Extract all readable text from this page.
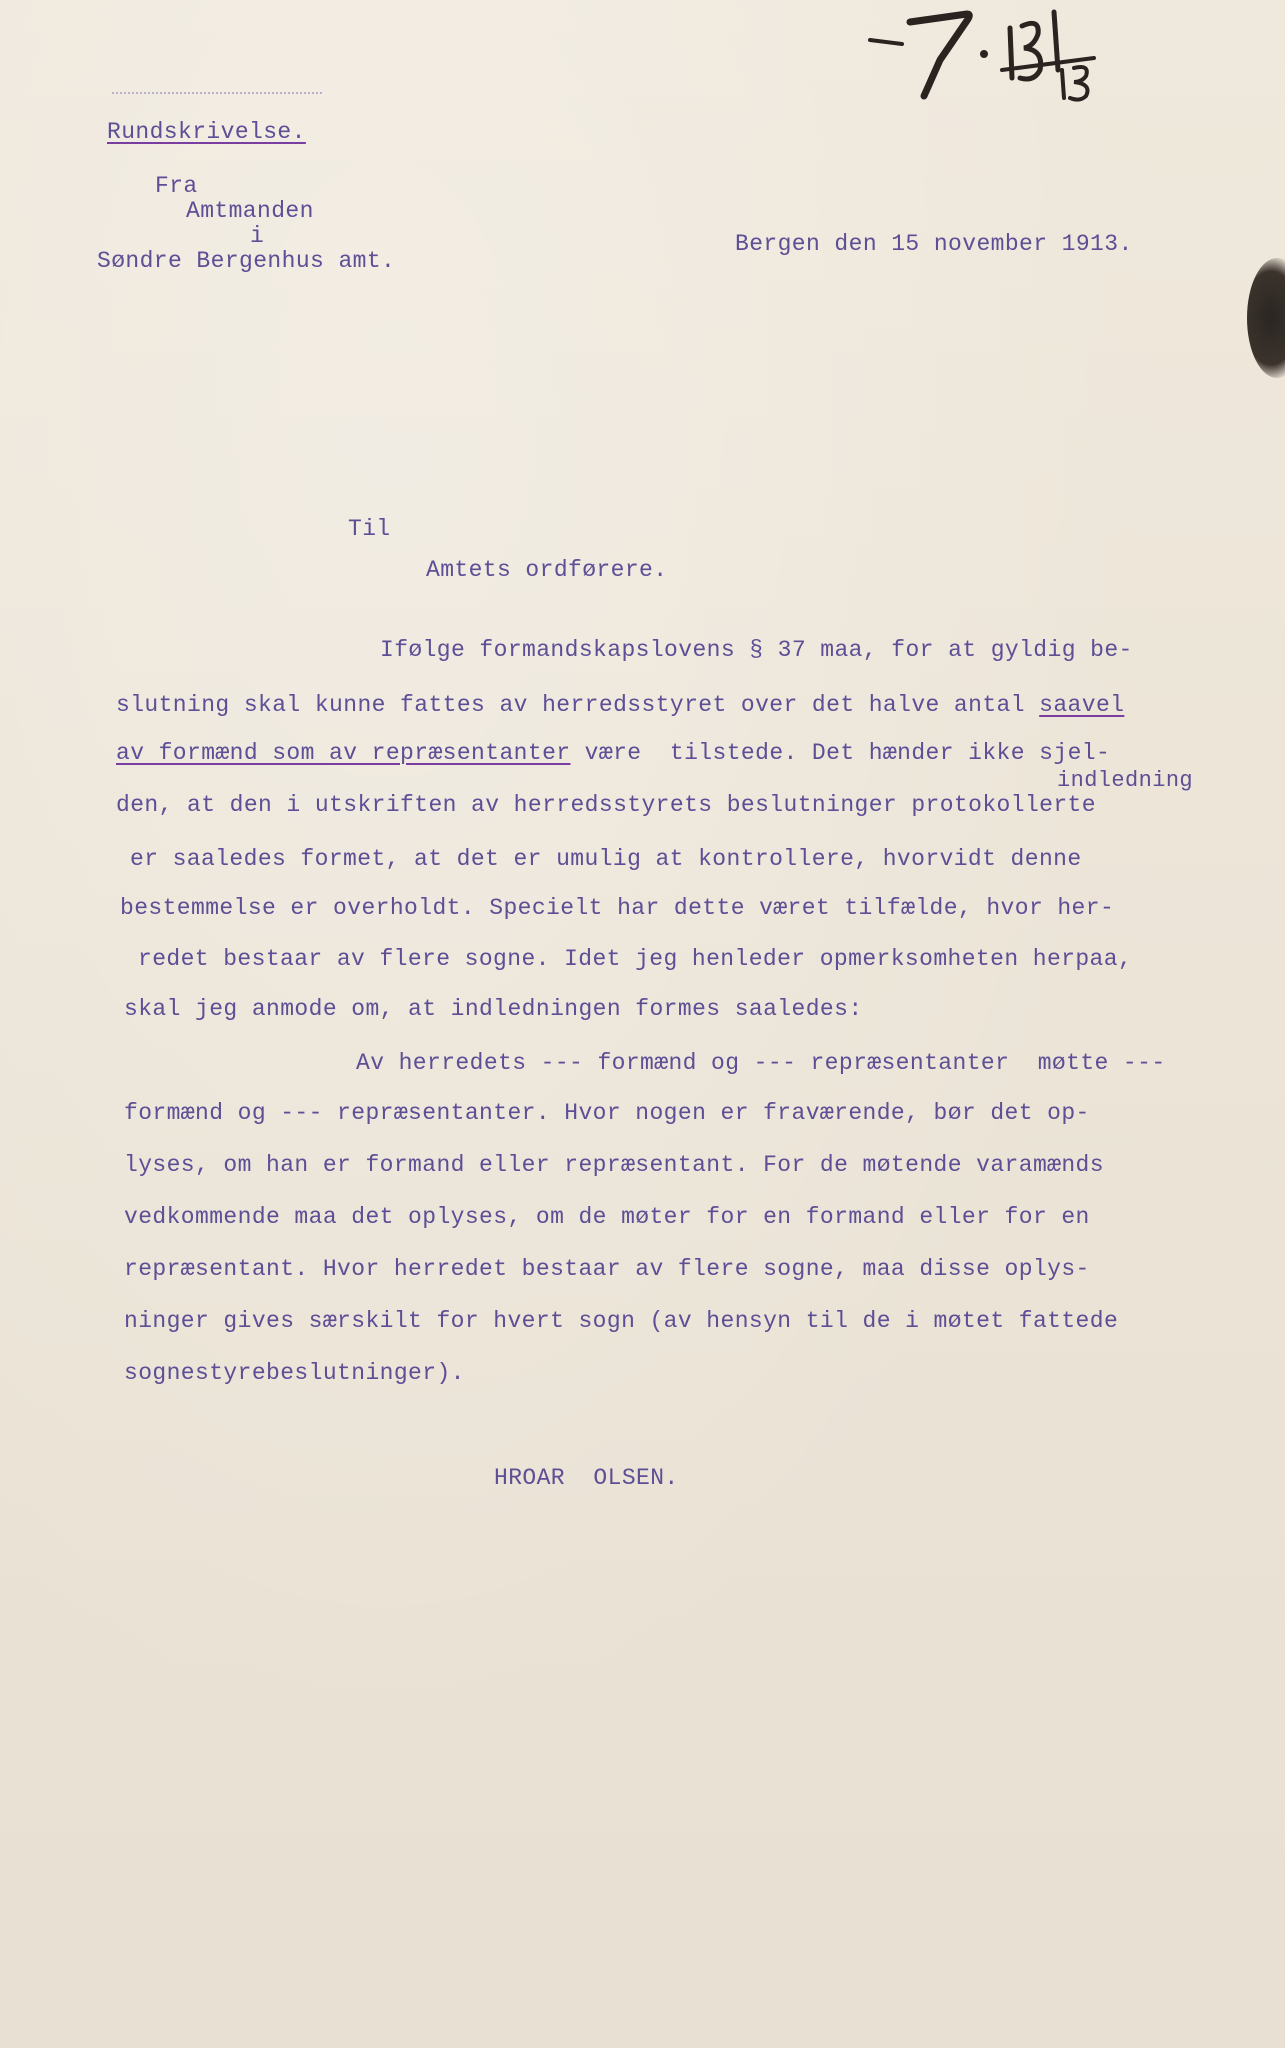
Rundskrivelse.
Fra
Amtmanden
i
Søndre Bergenhus amt.
Bergen den 15 november 1913.
Til
Amtets ordførere.
Ifølge formandskapslovens § 37 maa, for at gyldig be-
slutning skal kunne fattes av herredsstyret over det halve antal saavel
indledning
av formænd som av repræsentanter være  tilstede. Det hænder ikke sjel-
den, at den i utskriften av herredsstyrets beslutninger protokollerte
er saaledes formet, at det er umulig at kontrollere, hvorvidt denne
bestemmelse er overholdt. Specielt har dette været tilfælde, hvor her-
redet bestaar av flere sogne. Idet jeg henleder opmerksomheten herpaa,
skal jeg anmode om, at indledningen formes saaledes:
Av herredets --- formænd og --- repræsentanter  møtte ---
formænd og --- repræsentanter. Hvor nogen er fraværende, bør det op-
lyses, om han er formand eller repræsentant. For de møtende varamænds
vedkommende maa det oplyses, om de møter for en formand eller for en
repræsentant. Hvor herredet bestaar av flere sogne, maa disse oplys-
ninger gives særskilt for hvert sogn (av hensyn til de i møtet fattede
sognestyrebeslutninger).
HROAR  OLSEN.
